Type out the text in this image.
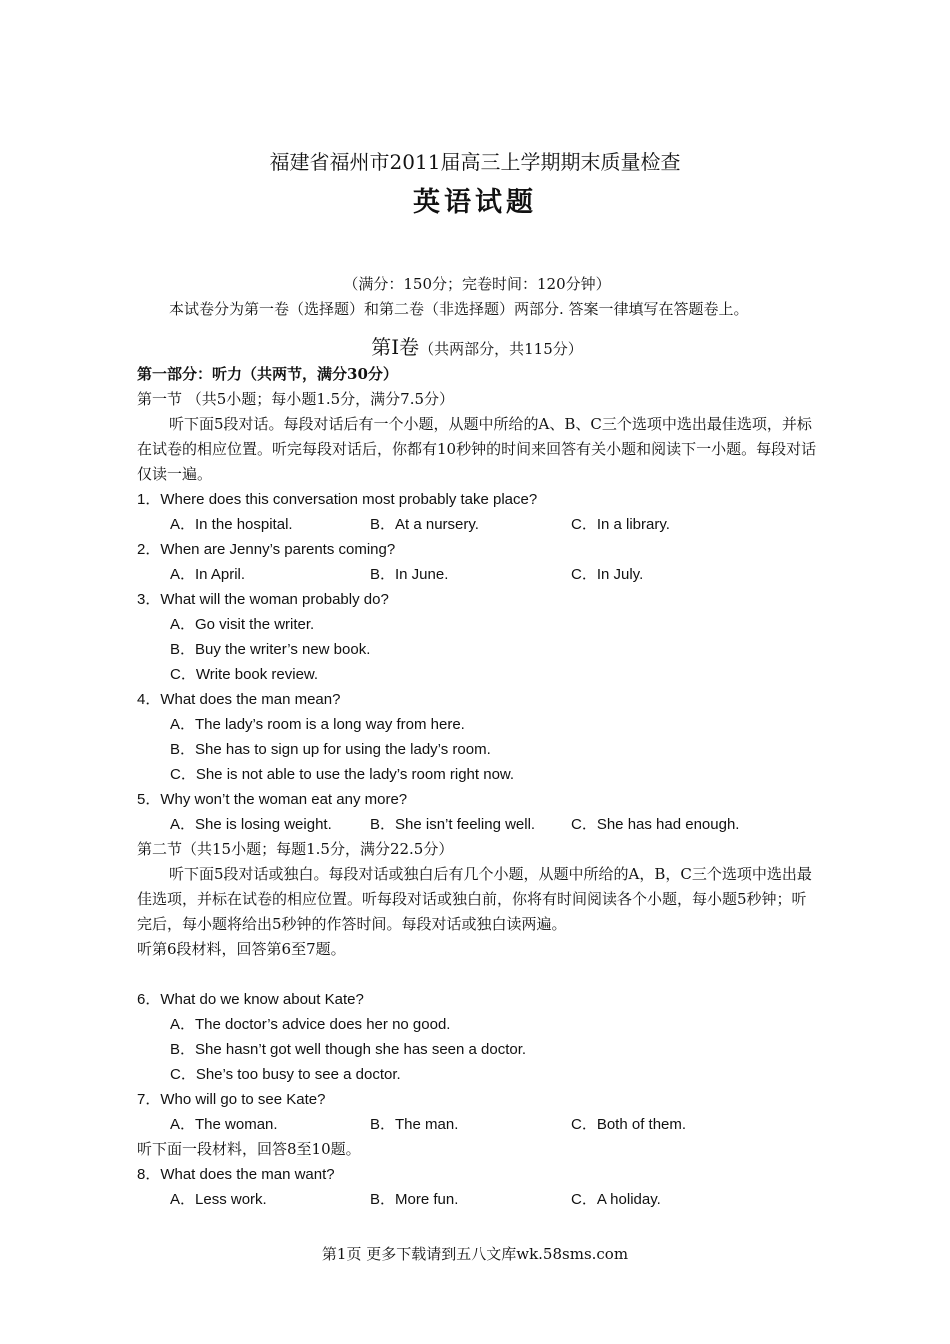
福建省福州市2011届高三上学期期末质量检查
英语试题

（满分：150分；完卷时间：120分钟）

本试卷分为第一卷（选择题）和第二卷（非选择题）两部分. 答案一律填写在答题卷上。

第Ⅰ卷（共两部分，共115分）

第一部分：听力（共两节，满分30分）

第一节 （共5小题；每小题1.5分，满分7.5分）

听下面5段对话。每段对话后有一个小题，从题中所给的A、B、C三个选项中选出最佳选项，并标在试卷的相应位置。听完每段对话后，你都有10秒钟的时间来回答有关小题和阅读下一小题。每段对话仅读一遍。

1．Where does this conversation most probably take place?

A．In the hospital.	B．At a nursery.	C．In a library.

2．When are Jenny’s parents coming?

A．In April.	B．In June.	C．In July.

3．What will the woman probably do?

A．Go visit the writer.

B．Buy the writer’s new book.

C．Write book review.

4．What does the man mean?

A．The lady’s room is a long way from here.

B．She has to sign up for using the lady’s room.

C．She is not able to use the lady’s room right now.

5．Why won’t the woman eat any more?

A．She is losing weight.	B．She isn’t feeling well.	C．She has had enough.

第二节（共15小题；每题1.5分，满分22.5分）

听下面5段对话或独白。每段对话或独白后有几个小题，从题中所给的A，B，C三个选项中选出最佳选项，并标在试卷的相应位置。听每段对话或独白前，你将有时间阅读各个小题，每小题5秒钟；听完后，每小题将给出5秒钟的作答时间。每段对话或独白读两遍。

听第6段材料，回答第6至7题。

6．What do we know about Kate?

A．The doctor’s advice does her no good.

B．She hasn’t got well though she has seen a doctor.

C．She’s too busy to see a doctor.

7．Who will go to see Kate?

A．The woman.	B．The man.	C．Both of them.

听下面一段材料，回答8至10题。

8．What does the man want?

A．Less work.	B．More fun.	C．A holiday.
第1页 更多下载请到五八文库wk.58sms.com
